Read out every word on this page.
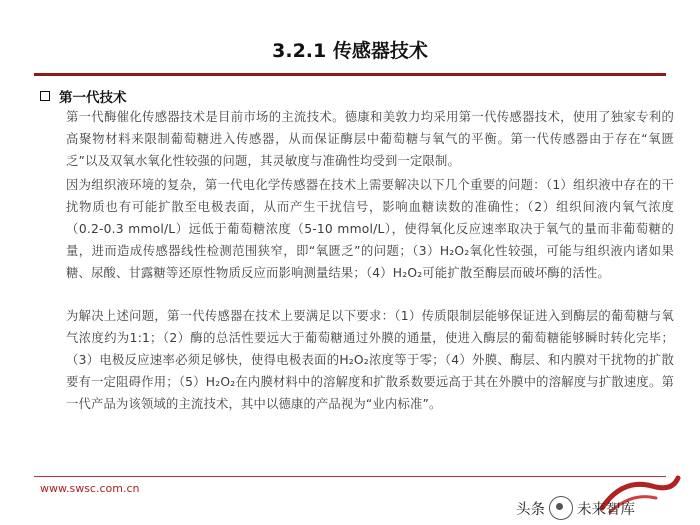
3.2.1 传感器技术
第一代技术
第一代酶催化传感器技术是目前市场的主流技术。德康和美敦力均采用第一代传感器技术，使用了独家专利的高聚物材料来限制葡萄糖进入传感器，从而保证酶层中葡萄糖与氧气的平衡。第一代传感器由于存在“氧匮乏”以及双氧水氧化性较强的问题，其灵敏度与准确性均受到一定限制。
因为组织液环境的复杂，第一代电化学传感器在技术上需要解决以下几个重要的问题：（1）组织液中存在的干扰物质也有可能扩散至电极表面，从而产生干扰信号，影响血糖读数的准确性；（2）组织间液内氧气浓度（0.2-0.3 mmol/L）远低于葡萄糖浓度（5-10 mmol/L），使得氧化反应速率取决于氧气的量而非葡萄糖的量，进而造成传感器线性检测范围狭窄，即“氧匮乏”的问题；（3）H₂O₂氧化性较强，可能与组织液内诸如果糖、尿酸、甘露糖等还原性物质反应而影响测量结果；（4）H₂O₂可能扩散至酶层而破坏酶的活性。
为解决上述问题，第一代传感器在技术上要满足以下要求：（1）传质限制层能够保证进入到酶层的葡萄糖与氧气浓度约为1:1；（2）酶的总活性要远大于葡萄糖通过外膜的通量，使进入酶层的葡萄糖能够瞬时转化完毕；（3）电极反应速率必须足够快，使得电极表面的H₂O₂浓度等于零；（4）外膜、酶层、和内膜对干扰物的扩散要有一定阻碍作用；（5）H₂O₂在内膜材料中的溶解度和扩散系数要远高于其在外膜中的溶解度与扩散速度。第一代产品为该领域的主流技术，其中以德康的产品视为“业内标准”。
www.swsc.com.cn
头条 未来智库
